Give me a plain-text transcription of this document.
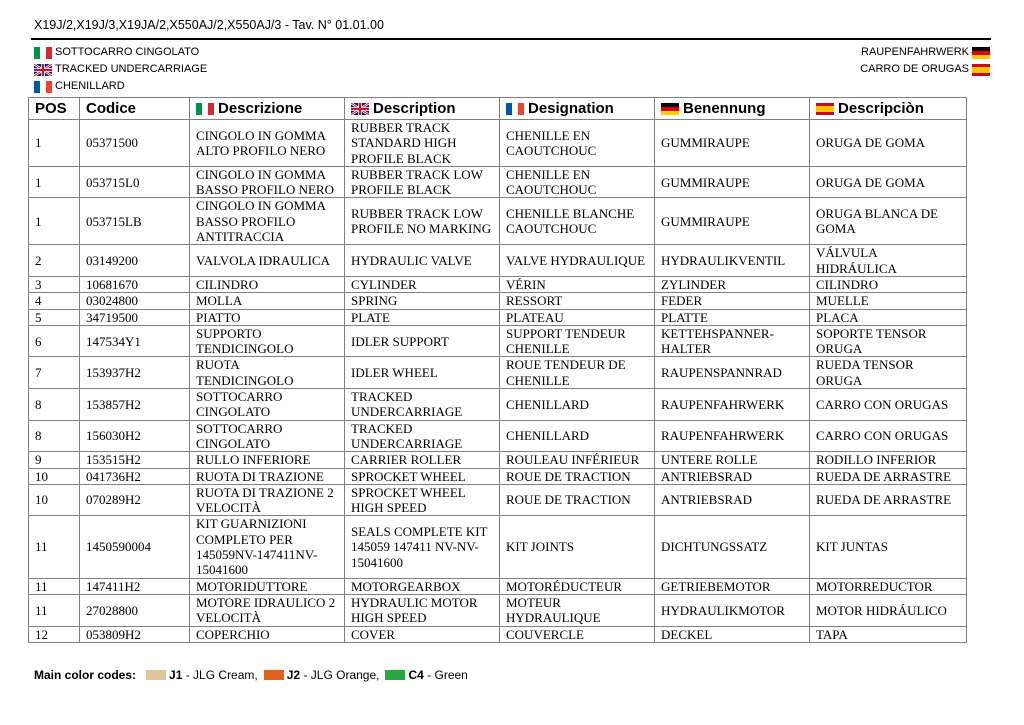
X19J/2,X19J/3,X19JA/2,X550AJ/2,X550AJ/3 - Tav. N° 01.01.00
SOTTOCARRO CINGOLATO
TRACKED UNDERCARRIAGE
CHENILLARD
RAUPENFAHRWERK
CARRO DE ORUGAS
POS	Codice	Descrizione	Description	Designation	Benennung	Descripciòn
1	05371500	CINGOLO IN GOMMA ALTO PROFILO NERO	RUBBER TRACK STANDARD HIGH PROFILE BLACK	CHENILLE EN CAOUTCHOUC	GUMMIRAUPE	ORUGA DE GOMA
1	053715L0	CINGOLO IN GOMMA BASSO PROFILO NERO	RUBBER TRACK LOW PROFILE BLACK	CHENILLE EN CAOUTCHOUC	GUMMIRAUPE	ORUGA DE GOMA
1	053715LB	CINGOLO IN GOMMA BASSO PROFILO ANTITRACCIA	RUBBER TRACK LOW PROFILE NO MARKING	CHENILLE BLANCHE CAOUTCHOUC	GUMMIRAUPE	ORUGA BLANCA DE GOMA
2	03149200	VALVOLA IDRAULICA	HYDRAULIC VALVE	VALVE HYDRAULIQUE	HYDRAULIKVENTIL	VÁLVULA HIDRÁULICA
3	10681670	CILINDRO	CYLINDER	VÉRIN	ZYLINDER	CILINDRO
4	03024800	MOLLA	SPRING	RESSORT	FEDER	MUELLE
5	34719500	PIATTO	PLATE	PLATEAU	PLATTE	PLACA
6	147534Y1	SUPPORTO TENDICINGOLO	IDLER SUPPORT	SUPPORT TENDEUR CHENILLE	KETTEHSPANNER-HALTER	SOPORTE TENSOR ORUGA
7	153937H2	RUOTA TENDICINGOLO	IDLER WHEEL	ROUE TENDEUR DE CHENILLE	RAUPENSPANNRAD	RUEDA TENSOR ORUGA
8	153857H2	SOTTOCARRO CINGOLATO	TRACKED UNDERCARRIAGE	CHENILLARD	RAUPENFAHRWERK	CARRO CON ORUGAS
8	156030H2	SOTTOCARRO CINGOLATO	TRACKED UNDERCARRIAGE	CHENILLARD	RAUPENFAHRWERK	CARRO CON ORUGAS
9	153515H2	RULLO INFERIORE	CARRIER ROLLER	ROULEAU INFÉRIEUR	UNTERE ROLLE	RODILLO INFERIOR
10	041736H2	RUOTA DI TRAZIONE	SPROCKET WHEEL	ROUE DE TRACTION	ANTRIEBSRAD	RUEDA DE ARRASTRE
10	070289H2	RUOTA DI TRAZIONE 2 VELOCITÀ	SPROCKET WHEEL HIGH SPEED	ROUE DE TRACTION	ANTRIEBSRAD	RUEDA DE ARRASTRE
11	1450590004	KIT GUARNIZIONI COMPLETO PER 145059NV-147411NV-15041600	SEALS COMPLETE KIT 145059 147411 NV-NV-15041600	KIT JOINTS	DICHTUNGSSATZ	KIT JUNTAS
11	147411H2	MOTORIDUTTORE	MOTORGEARBOX	MOTORÉDUCTEUR	GETRIEBEMOTOR	MOTORREDUCTOR
11	27028800	MOTORE IDRAULICO 2 VELOCITÀ	HYDRAULIC MOTOR HIGH SPEED	MOTEUR HYDRAULIQUE	HYDRAULIKMOTOR	MOTOR HIDRÁULICO
12	053809H2	COPERCHIO	COVER	COUVERCLE	DECKEL	TAPA
Main color codes:	J1 - JLG Cream, J2 - JLG Orange, C4 - Green
